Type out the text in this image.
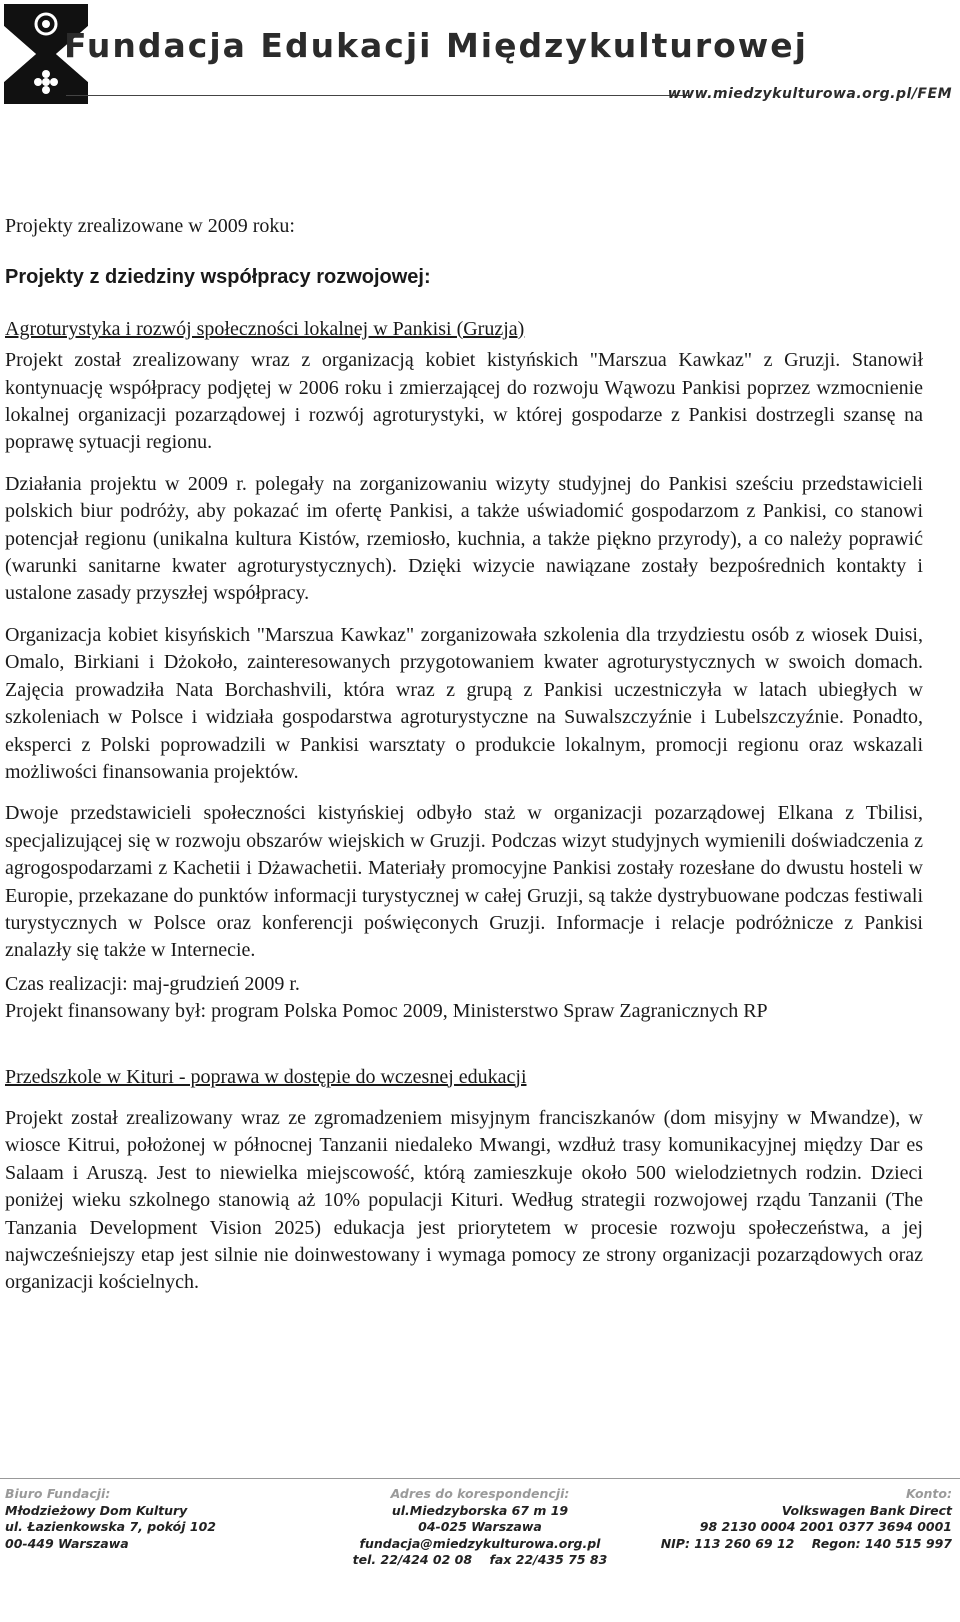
Fundacja Edukacji Międzykulturowej
www.miedzykulturowa.org.pl/FEM

Projekty zrealizowane w 2009 roku:

Projekty z dziedziny współpracy rozwojowej:

Agroturystyka i rozwój społeczności lokalnej w Pankisi (Gruzja)

Projekt został zrealizowany wraz z organizacją kobiet kistyńskich "Marszua Kawkaz" z Gruzji. Stanowił kontynuację współpracy podjętej w 2006 roku i zmierzającej do rozwoju Wąwozu Pankisi poprzez wzmocnienie lokalnej organizacji pozarządowej i rozwój agroturystyki, w której gospodarze z Pankisi dostrzegli szansę na poprawę sytuacji regionu.

Działania projektu w 2009 r. polegały na zorganizowaniu wizyty studyjnej do Pankisi sześciu przedstawicieli polskich biur podróży, aby pokazać im ofertę Pankisi, a także uświadomić gospodarzom z Pankisi, co stanowi potencjał regionu (unikalna kultura Kistów, rzemiosło, kuchnia, a także piękno przyrody), a co należy poprawić (warunki sanitarne kwater agroturystycznych). Dzięki wizycie nawiązane zostały bezpośrednich kontakty i ustalone zasady przyszłej współpracy.

Organizacja kobiet kisyńskich "Marszua Kawkaz" zorganizowała szkolenia dla trzydziestu osób z wiosek Duisi, Omalo, Birkiani i Dżokoło, zainteresowanych przygotowaniem kwater agroturystycznych w swoich domach. Zajęcia prowadziła Nata Borchashvili, która wraz z grupą z Pankisi uczestniczyła w latach ubiegłych w szkoleniach w Polsce i widziała gospodarstwa agroturystyczne na Suwalszczyźnie i Lubelszczyźnie. Ponadto, eksperci z Polski poprowadzili w Pankisi warsztaty o produkcie lokalnym, promocji regionu oraz wskazali możliwości finansowania projektów.

Dwoje przedstawicieli społeczności kistyńskiej odbyło staż w organizacji pozarządowej Elkana z Tbilisi, specjalizującej się w rozwoju obszarów wiejskich w Gruzji. Podczas wizyt studyjnych wymienili doświadczenia z agrogospodarzami z Kachetii i Dżawachetii. Materiały promocyjne Pankisi zostały rozesłane do dwustu hosteli w Europie, przekazane do punktów informacji turystycznej w całej Gruzji, są także dystrybuowane podczas festiwali turystycznych w Polsce oraz konferencji poświęconych Gruzji. Informacje i relacje podróżnicze z Pankisi znalazły się także w Internecie.

Czas realizacji: maj-grudzień 2009 r.

Projekt finansowany był: program Polska Pomoc 2009, Ministerstwo Spraw Zagranicznych RP

Przedszkole w Kituri - poprawa w dostępie do wczesnej edukacji

Projekt został zrealizowany wraz ze zgromadzeniem misyjnym franciszkanów (dom misyjny w Mwandze), w wiosce Kitrui, położonej w północnej Tanzanii niedaleko Mwangi, wzdłuż trasy komunikacyjnej między Dar es Salaam i Aruszą. Jest to niewielka miejscowość, którą zamieszkuje około 500 wielodzietnych rodzin. Dzieci poniżej wieku szkolnego stanowią aż 10% populacji Kituri. Według strategii rozwojowej rządu Tanzanii (The Tanzania Development Vision 2025) edukacja jest priorytetem w procesie rozwoju społeczeństwa, a jej najwcześniejszy etap jest silnie nie doinwestowany i wymaga pomocy ze strony organizacji pozarządowych oraz organizacji kościelnych.

Biuro Fundacji:
Młodzieżowy Dom Kultury
ul. Łazienkowska 7, pokój 102
00-449 Warszawa
Adres do korespondencji:
ul.Miedzyborska 67 m 19
04-025 Warszawa
fundacja@miedzykulturowa.org.pl
tel. 22/424 02 08    fax 22/435 75 83
Konto:
Volkswagen Bank Direct
98 2130 0004 2001 0377 3694 0001
NIP: 113 260 69 12    Regon: 140 515 997
